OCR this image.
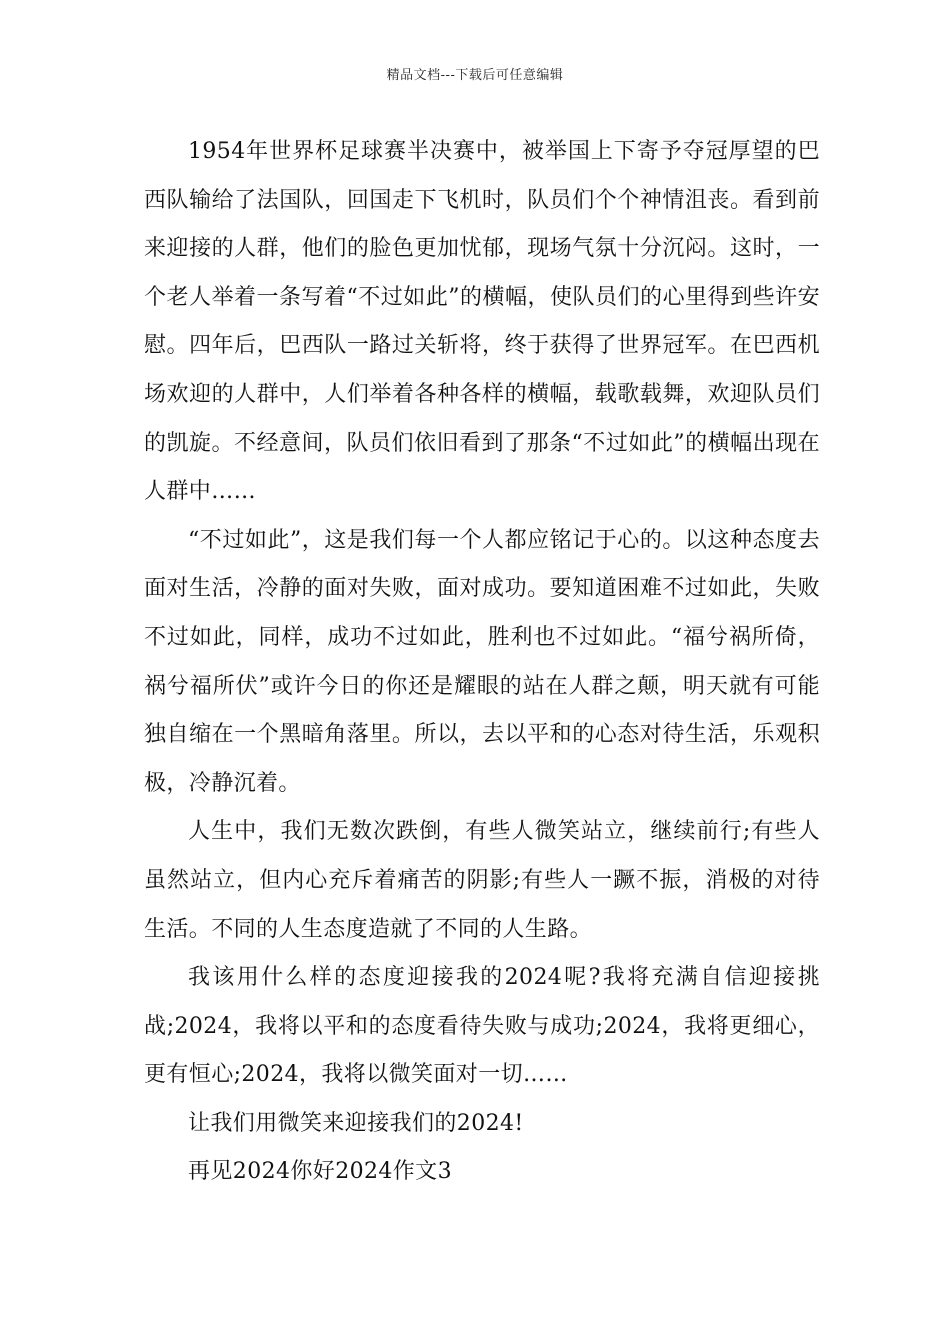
精品文档---下载后可任意编辑

1954年世界杯足球赛半决赛中，被举国上下寄予夺冠厚望的巴西队输给了法国队，回国走下飞机时，队员们个个神情沮丧。看到前来迎接的人群，他们的脸色更加忧郁，现场气氛十分沉闷。这时，一个老人举着一条写着“不过如此”的横幅，使队员们的心里得到些许安慰。四年后，巴西队一路过关斩将，终于获得了世界冠军。在巴西机场欢迎的人群中，人们举着各种各样的横幅，载歌载舞，欢迎队员们的凯旋。不经意间，队员们依旧看到了那条“不过如此”的横幅出现在人群中……

“不过如此”，这是我们每一个人都应铭记于心的。以这种态度去面对生活，冷静的面对失败，面对成功。要知道困难不过如此，失败不过如此，同样，成功不过如此，胜利也不过如此。“福兮祸所倚，祸兮福所伏”或许今日的你还是耀眼的站在人群之颠，明天就有可能独自缩在一个黑暗角落里。所以，去以平和的心态对待生活，乐观积极，冷静沉着。

人生中，我们无数次跌倒，有些人微笑站立，继续前行;有些人虽然站立，但内心充斥着痛苦的阴影;有些人一蹶不振，消极的对待生活。不同的人生态度造就了不同的人生路。

我该用什么样的态度迎接我的2024呢?我将充满自信迎接挑战;2024，我将以平和的态度看待失败与成功;2024，我将更细心，更有恒心;2024，我将以微笑面对一切……

让我们用微笑来迎接我们的2024!

再见2024你好2024作文3
